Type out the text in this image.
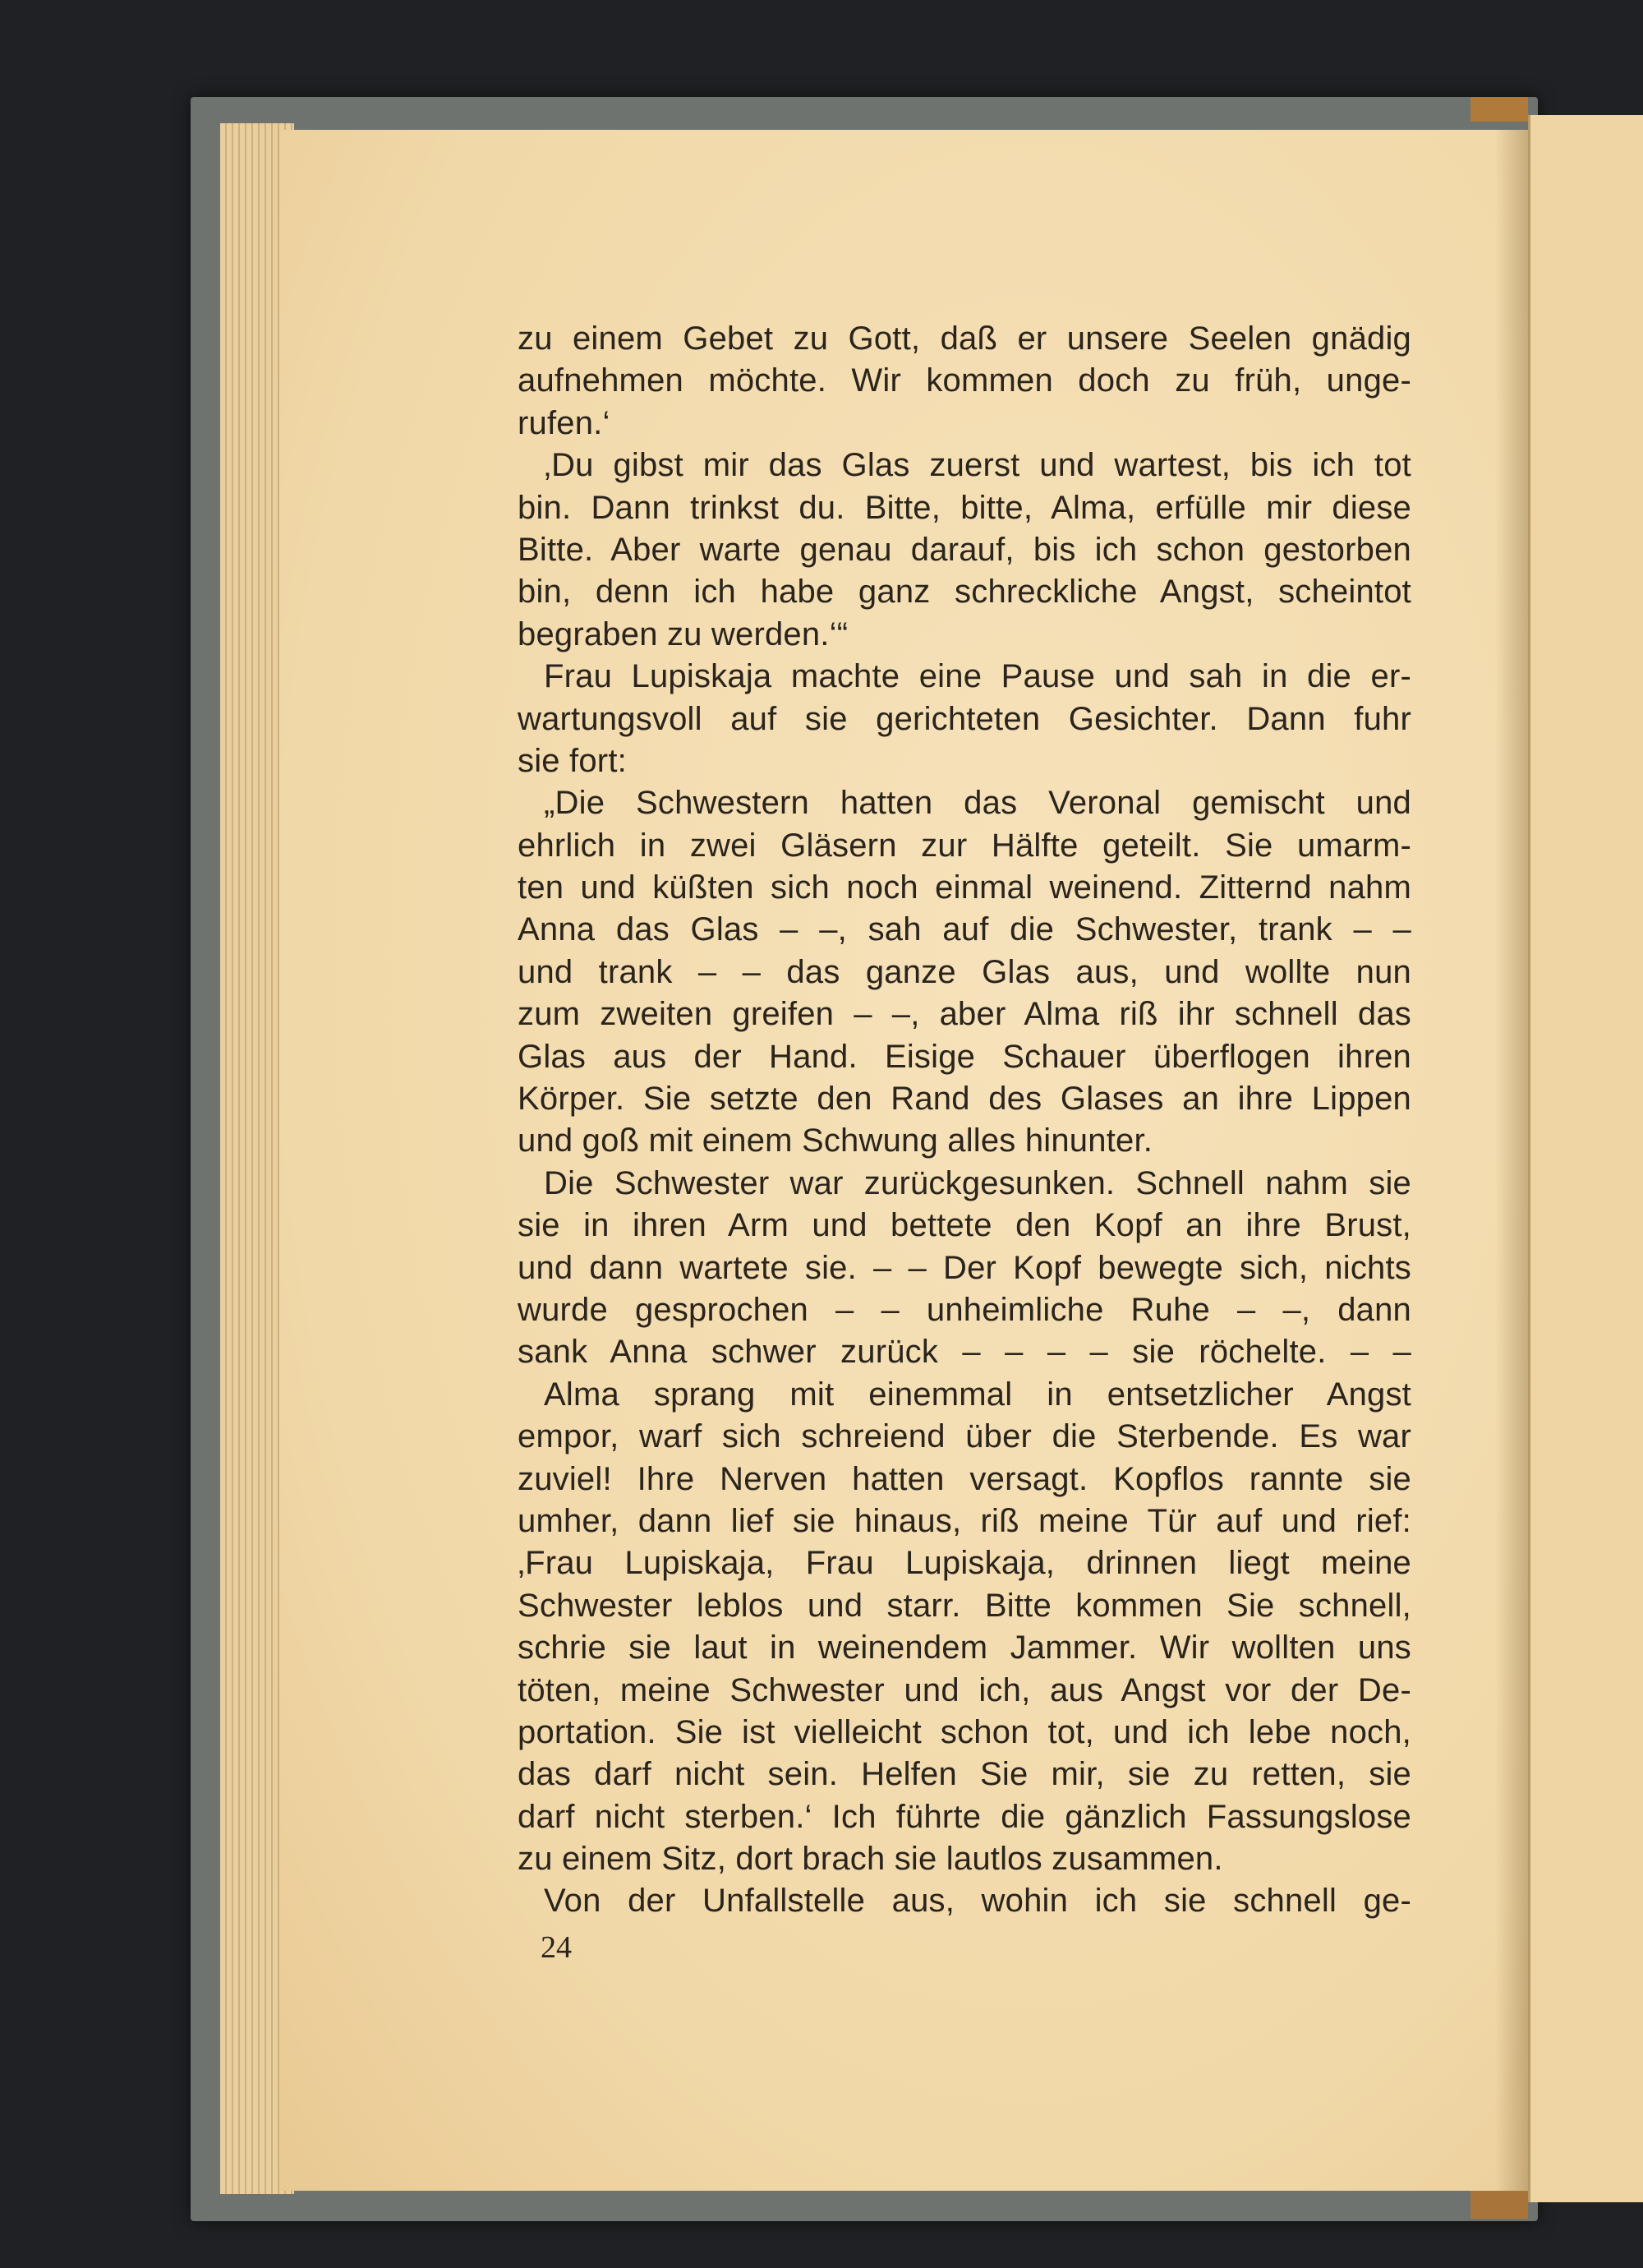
zu einem Gebet zu Gott, daß er unsere Seelen gnädig
aufnehmen möchte. Wir kommen doch zu früh, unge-
rufen.‘
‚Du gibst mir das Glas zuerst und wartest, bis ich tot
bin. Dann trinkst du. Bitte, bitte, Alma, erfülle mir diese
Bitte. Aber warte genau darauf, bis ich schon gestorben
bin, denn ich habe ganz schreckliche Angst, scheintot
begraben zu werden.‘“
Frau Lupiskaja machte eine Pause und sah in die er-
wartungsvoll auf sie gerichteten Gesichter. Dann fuhr
sie fort:
„Die Schwestern hatten das Veronal gemischt und
ehrlich in zwei Gläsern zur Hälfte geteilt. Sie umarm-
ten und küßten sich noch einmal weinend. Zitternd nahm
Anna das Glas – –, sah auf die Schwester, trank – –
und trank – – das ganze Glas aus, und wollte nun
zum zweiten greifen – –, aber Alma riß ihr schnell das
Glas aus der Hand. Eisige Schauer überflogen ihren
Körper. Sie setzte den Rand des Glases an ihre Lippen
und goß mit einem Schwung alles hinunter.
Die Schwester war zurückgesunken. Schnell nahm sie
sie in ihren Arm und bettete den Kopf an ihre Brust,
und dann wartete sie. – – Der Kopf bewegte sich, nichts
wurde gesprochen – – unheimliche Ruhe – –, dann
sank Anna schwer zurück – – – – sie röchelte. – –
Alma sprang mit einemmal in entsetzlicher Angst
empor, warf sich schreiend über die Sterbende. Es war
zuviel! Ihre Nerven hatten versagt. Kopflos rannte sie
umher, dann lief sie hinaus, riß meine Tür auf und rief:
‚Frau Lupiskaja, Frau Lupiskaja, drinnen liegt meine
Schwester leblos und starr. Bitte kommen Sie schnell,
schrie sie laut in weinendem Jammer. Wir wollten uns
töten, meine Schwester und ich, aus Angst vor der De-
portation. Sie ist vielleicht schon tot, und ich lebe noch,
das darf nicht sein. Helfen Sie mir, sie zu retten, sie
darf nicht sterben.‘ Ich führte die gänzlich Fassungslose
zu einem Sitz, dort brach sie lautlos zusammen.
Von der Unfallstelle aus, wohin ich sie schnell ge-
24
